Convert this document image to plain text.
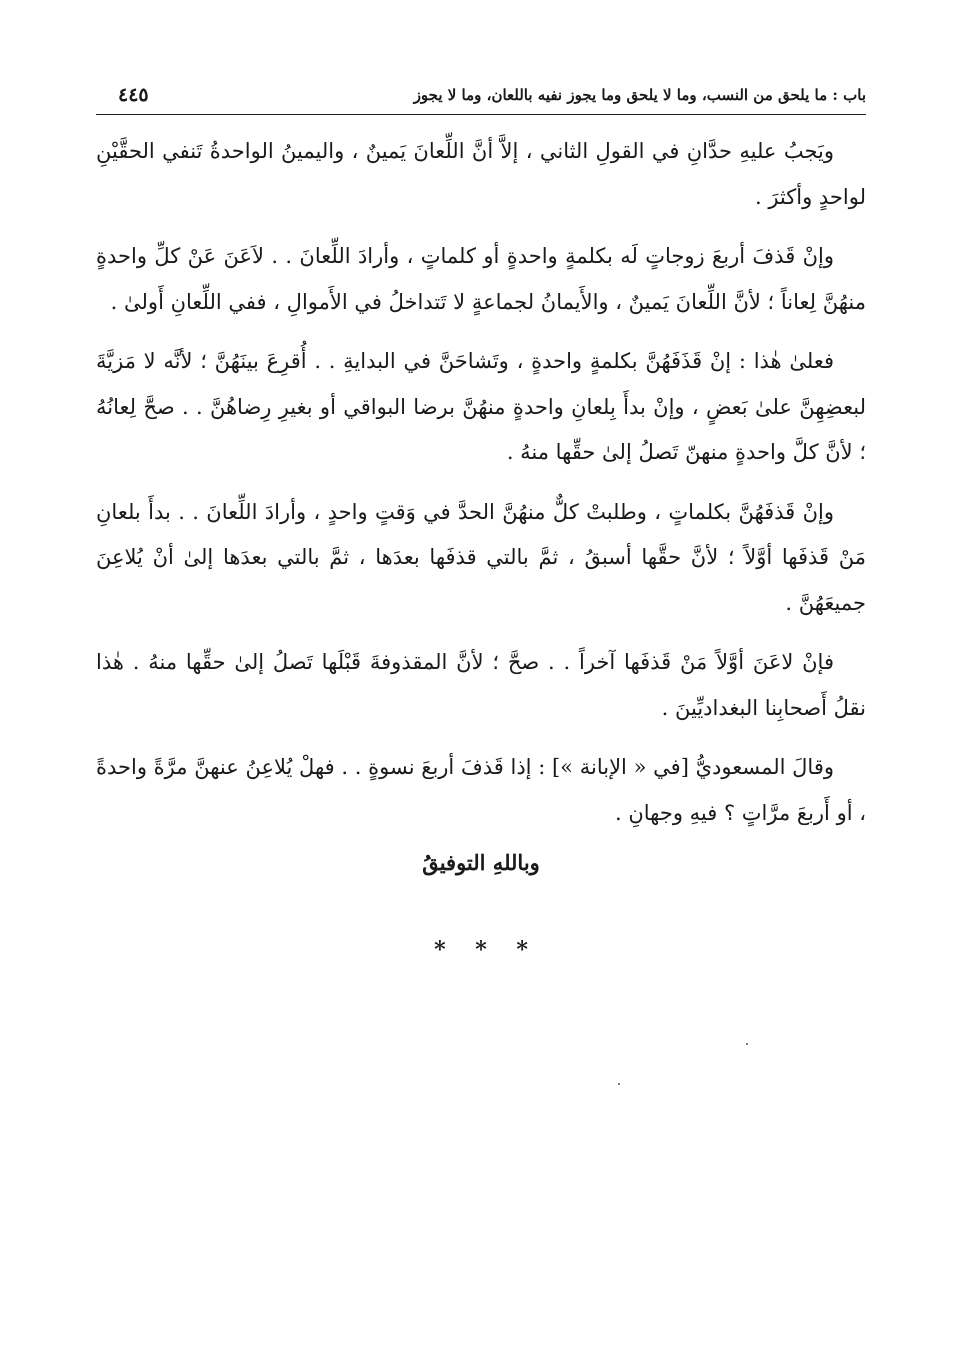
باب : ما يلحق من النسب، وما لا يلحق وما يجوز نفيه باللعان، وما لا يجوز
٤٤٥

ويَجبُ عليهِ حدَّانِ في القولِ الثاني ، إلاَّ أنَّ اللِّعانَ يَمينٌ ، واليمينُ الواحدةُ تَنفي الحقَّيْنِ لواحدٍ وأكثرَ .

وإنْ قَذفَ أربعَ زوجاتٍ لَه بكلمةٍ واحدةٍ أو كلماتٍ ، وأرادَ اللِّعانَ . . لاَعَنَ عَنْ كلِّ واحدةٍ منهُنَّ لِعاناً ؛ لأنَّ اللِّعانَ يَمينٌ ، والأَيمانُ لجماعةٍ لا تَتداخلُ في الأَموالِ ، ففي اللِّعانِ أَولىٰ .

فعلىٰ هٰذا : إنْ قَذَفَهُنَّ بكلمةٍ واحدةٍ ، وتَشاحَنَّ في البدايةِ . . أُقرِعَ بينَهُنَّ ؛ لأنَّه لا مَزيَّةَ لبعضِهِنَّ علىٰ بَعضٍ ، وإنْ بدأَ بِلعانِ واحدةٍ منهُنَّ برضا البواقي أو بغيرِ رِضاهُنَّ . . صحَّ لِعانُهُ ؛ لأنَّ كلَّ واحدةٍ منهنّ تَصلُ إلىٰ حقِّها منهُ .

وإنْ قَذفَهُنَّ بكلماتٍ ، وطلبتْ كلٌّ منهُنَّ الحدَّ في وَقتٍ واحدٍ ، وأرادَ اللِّعانَ . . بدأَ بلعانِ مَنْ قَذفَها أوَّلاً ؛ لأنَّ حقَّها أسبقُ ، ثمَّ بالتي قذفَها بعدَها ، ثمَّ بالتي بعدَها إلىٰ أنْ يُلاعِنَ جميعَهُنَّ .

فإنْ لاعَنَ أوَّلاً مَنْ قَذفَها آخراً . . صحَّ ؛ لأنَّ المقذوفةَ قَبْلَها تَصلُ إلىٰ حقِّها منهُ . هٰذا نقلُ أَصحابِنا البغداديِّينَ .

وقالَ المسعوديُّ [في « الإبانة »] : إذا قَذفَ أربعَ نسوةٍ . . فهلْ يُلاعِنُ عنهنَّ مرَّةً واحدةً ، أو أَربعَ مرَّاتٍ ؟ فيهِ وجهانِ .

وباللهِ التوفيقُ
* * *
